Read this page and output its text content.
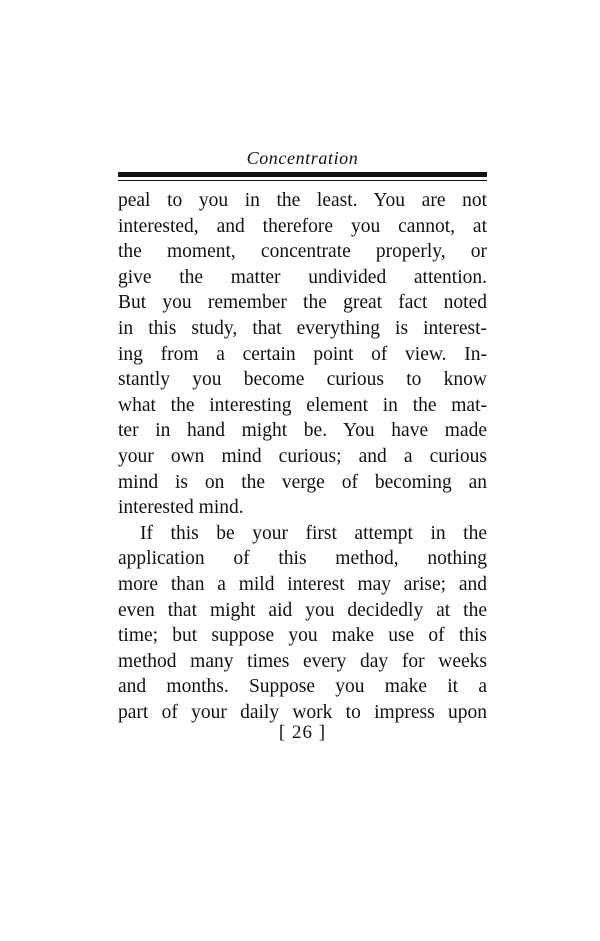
Concentration
peal to you in the least. You are not
interested, and therefore you cannot, at
the moment, concentrate properly, or
give the matter undivided attention.
But you remember the great fact noted
in this study, that everything is interest-
ing from a certain point of view. In-
stantly you become curious to know
what the interesting element in the mat-
ter in hand might be. You have made
your own mind curious; and a curious
mind is on the verge of becoming an
interested mind.
If this be your first attempt in the
application of this method, nothing
more than a mild interest may arise; and
even that might aid you decidedly at the
time; but suppose you make use of this
method many times every day for weeks
and months. Suppose you make it a
part of your daily work to impress upon
[ 26 ]
